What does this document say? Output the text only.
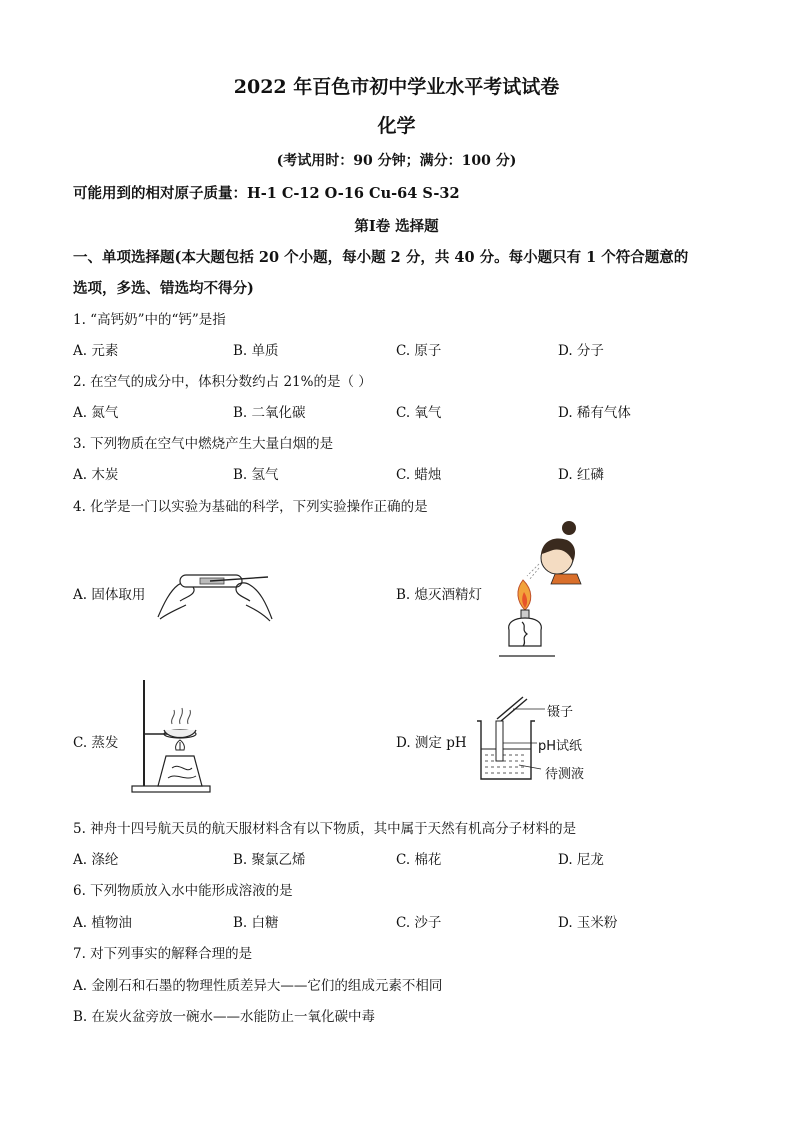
2022 年百色市初中学业水平考试试卷
化学
(考试用时：90 分钟；满分：100 分)
可能用到的相对原子质量：H-1 C-12 O-16 Cu-64 S-32
第Ⅰ卷 选择题
一、单项选择题(本大题包括 20 个小题，每小题 2 分，共 40 分。每小题只有 1 个符合题意的
选项，多选、错选均不得分)
1. “高钙奶”中的“钙”是指
A. 元素	B. 单质	C. 原子	D. 分子
2. 在空气的成分中，体积分数约占 21%的是（ ）
A. 氮气	B. 二氧化碳	C. 氧气	D. 稀有气体
3. 下列物质在空气中燃烧产生大量白烟的是
A. 木炭	B. 氢气	C. 蜡烛	D. 红磷
4. 化学是一门以实验为基础的科学，下列实验操作正确的是
A. 固体取用	B. 熄灭酒精灯
C. 蒸发	D. 测定 pH
镊子
pH试纸
待测液
5. 神舟十四号航天员的航天服材料含有以下物质，其中属于天然有机高分子材料的是
A. 涤纶	B. 聚氯乙烯	C. 棉花	D. 尼龙
6. 下列物质放入水中能形成溶液的是
A. 植物油	B. 白糖	C. 沙子	D. 玉米粉
7. 对下列事实的解释合理的是
A. 金刚石和石墨的物理性质差异大——它们的组成元素不相同
B. 在炭火盆旁放一碗水——水能防止一氧化碳中毒
